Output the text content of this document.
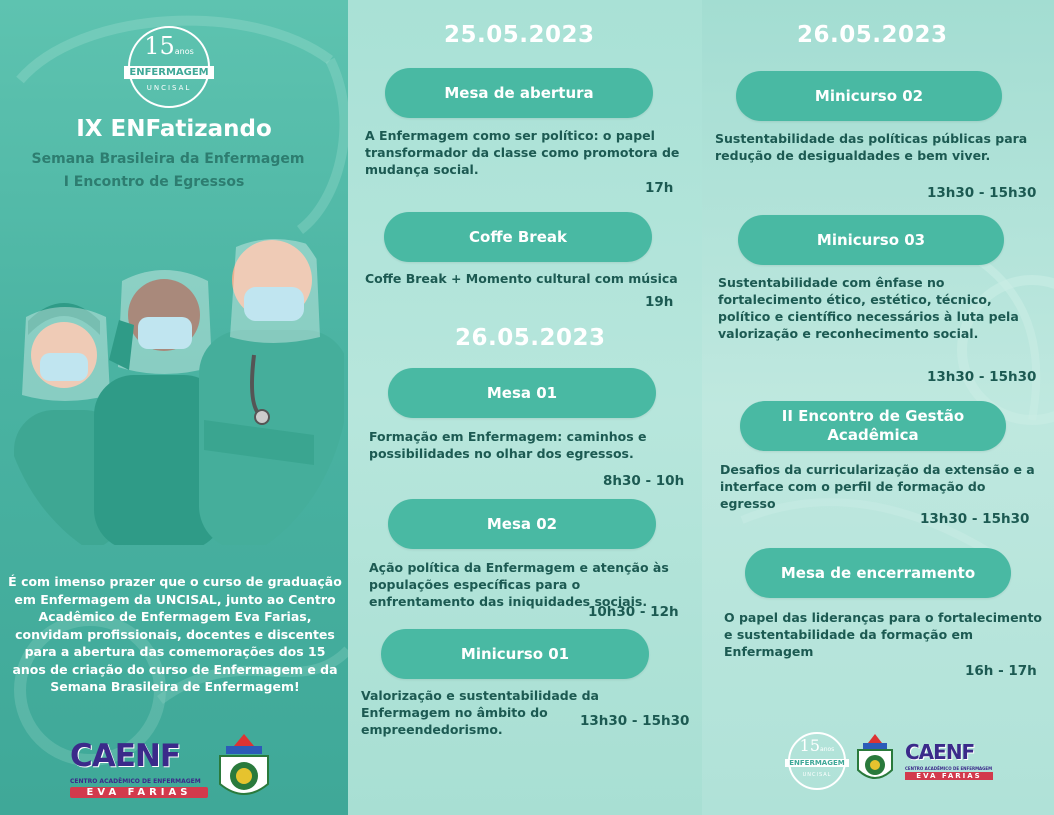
15anos
ENFERMAGEM
UNCISAL
IX ENFatizando
Semana Brasileira da Enfermagem
I Encontro de Egressos
É com imenso prazer que o curso de graduação em Enfermagem da UNCISAL, junto ao Centro Acadêmico de Enfermagem Eva Farias, convidam profissionais, docentes e discentes para a abertura das comemorações dos 15 anos de criação do curso de Enfermagem e da Semana Brasileira de Enfermagem!
CAENF
CENTRO ACADÊMICO DE ENFERMAGEM
EVA FARIAS
25.05.2023
Mesa de abertura
A Enfermagem como ser político: o papel transformador da classe como promotora de mudança social.
17h
Coffe Break
Coffe Break + Momento cultural com música
19h
26.05.2023
Mesa 01
Formação em Enfermagem: caminhos e possibilidades no olhar dos egressos.
8h30 - 10h
Mesa 02
Ação política da Enfermagem e atenção às populações específicas para o enfrentamento das iniquidades sociais.
10h30 - 12h
Minicurso 01
Valorização e sustentabilidade da Enfermagem no âmbito do empreendedorismo.
13h30 - 15h30
26.05.2023
Minicurso 02
Sustentabilidade das políticas públicas para redução de desigualdades e bem viver.
13h30 - 15h30
Minicurso 03
Sustentabilidade com ênfase no fortalecimento ético, estético, técnico, político e científico necessários à luta pela valorização e reconhecimento social.
13h30 - 15h30
II Encontro de Gestão Acadêmica
Desafios da curricularização da extensão e a interface com o perfil de formação do egresso
13h30 - 15h30
Mesa de encerramento
O papel das lideranças para o fortalecimento e sustentabilidade da formação em Enfermagem
16h - 17h
15anos
ENFERMAGEM
UNCISAL
CAENF
CENTRO ACADÊMICO DE ENFERMAGEM
EVA FARIAS
